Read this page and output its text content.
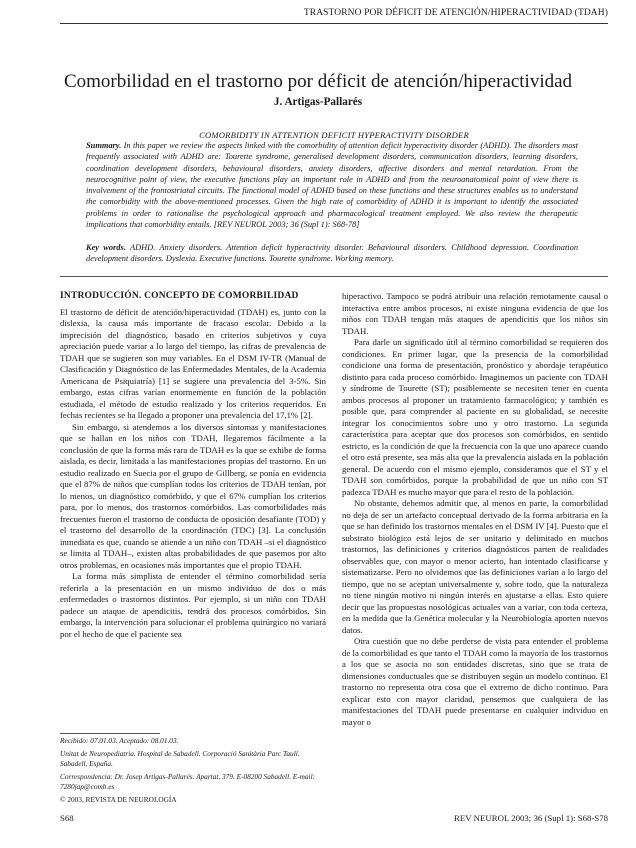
TRASTORNO POR DÉFICIT DE ATENCIÓN/HIPERACTIVIDAD (TDAH)
Comorbilidad en el trastorno por déficit de atención/hiperactividad
J. Artigas-Pallarés
COMORBIDITY IN ATTENTION DEFICIT HYPERACTIVITY DISORDER

Summary. In this paper we review the aspects linked with the comorbidity of attention deficit hyperactivity disorder (ADHD). The disorders most frequently associated with ADHD are: Tourette syndrome, generalised development disorders, communication disorders, learning disorders, coordination development disorders, behavioural disorders, anxiety disorders, affective disorders and mental retardation. From the neurocognitive point of view, the executive functions play an important role in ADHD and from the neuroanatomical point of view there is involvement of the frontostriatal circuits. The functional model of ADHD based on these functions and these structures enables us to understand the comorbidity with the above-mentioned processes. Given the high rate of comorbidity of ADHD it is important to identify the associated problems in order to rationalise the psychological approach and pharmacological treatment employed. We also review the therapeutic implications that comorbidity entails. [REV NEUROL 2003; 36 (Supl 1): S68-78]

Key words. ADHD. Anxiety disorders. Attention deficit hyperactivity disorder. Behavioural disorders. Childhood depression. Coordination development disorders. Dyslexia. Executive functions. Tourette syndrome. Working memory.

INTRODUCCIÓN. CONCEPTO DE COMORBILIDAD

El trastorno de déficit de atención/hiperactividad (TDAH) es, junto con la dislexia, la causa más importante de fracaso escolar. Debido a la imprecisión del diagnóstico, basado en criterios subjetivos y cuya apreciación puede variar a lo largo del tiempo, las cifras de prevalencia de TDAH que se sugieren son muy variables. En el DSM IV-TR (Manual de Clasificación y Diagnóstico de las Enfermedades Mentales, de la Academia Americana de Psiquiatría) [1] se sugiere una prevalencia del 3-5%. Sin embargo, estas cifras varían enormemente en función de la población estudiada, el método de estudio realizado y los criterios requeridos. En fechas recientes se ha llegado a proponer una prevalencia del 17,1% [2].

Sin embargo, si atendemos a los diversos síntomas y manifestaciones que se hallan en los niños con TDAH, llegaremos fácilmente a la conclusión de que la forma más rara de TDAH es la que se exhibe de forma aislada, es decir, limitada a las manifestaciones propias del trastorno. En un estudio realizado en Suecia por el grupo de Gillberg, se ponía en evidencia que el 87% de niños que cumplían todos los criterios de TDAH tenían, por lo menos, un diagnóstico comórbido, y que el 67% cumplían los criterios para, por lo menos, dos trastornos comórbidos. Las comorbilidades más frecuentes fueron el trastorno de conducta de oposición desafiante (TOD) y el trastorno del desarrollo de la coordinación (TDC) [3]. La conclusión inmediata es que, cuando se atiende a un niño con TDAH –si el diagnóstico se limita al TDAH–, existen altas probabilidades de que pasemos por alto otros problemas, en ocasiones más importantes que el propio TDAH.

La forma más simplista de entender el término comorbilidad sería referirla a la presentación en un mismo individuo de dos o más enfermedades o trastornos distintos. Por ejemplo, si un niño con TDAH padece un ataque de apendicitis, tendrá dos procesos comórbidos. Sin embargo, la intervención para solucionar el problema quirúrgico no variará por el hecho de que el paciente sea

hiperactivo. Tampoco se podrá atribuir una relación remotamente causal o interactiva entre ambos procesos, ni existe ninguna evidencia de que los niños con TDAH tengan más ataques de apendicitis que los niños sin TDAH.

Para darle un significado útil al término comorbilidad se requieren dos condiciones. En primer lugar, que la presencia de la comorbilidad condicione una forma de presentación, pronóstico y abordaje terapéutico distinto para cada proceso comórbido. Imaginemos un paciente con TDAH y síndrome de Tourette (ST); posiblemente se necesiten tener en cuenta ambos procesos al proponer un tratamiento farmacológico; y también es posible que, para comprender al paciente en su globalidad, se necesite integrar los conocimientos sobre uno y otro trastorno. La segunda característica para aceptar que dos procesos son comórbidos, en sentido estricto, es la condición de que la frecuencia con la que uno aparece cuando el otro está presente, sea más alta que la prevalencia aislada en la población general. De acuerdo con el mismo ejemplo, consideramos que el ST y el TDAH son comórbidos, porque la probabilidad de que un niño con ST padezca TDAH es mucho mayor que para el resto de la población.

No obstante, debemos admitir que, al menos en parte, la comorbilidad no deja de ser un artefacto conceptual derivado de la forma arbitraria en la que se han definido los trastornos mentales en el DSM IV [4]. Puesto que el substrato biológico está lejos de ser unitario y delimitado en muchos trastornos, las definiciones y criterios diagnósticos parten de realidades observables que, con mayor o menor acierto, han intentado clasificarse y sistematizarse. Pero no olvidemos que las definiciones varían a lo largo del tiempo, que no se aceptan universalmente y, sobre todo, que la naturaleza no tiene ningún motivo ni ningún interés en ajustarse a ellas. Esto quiere decir que las propuestas nosológicas actuales van a variar, con toda certeza, en la medida que la Genética molecular y la Neurobiología aporten nuevos datos.

Otra cuestión que no debe perderse de vista para entender el problema de la comorbilidad es que tanto el TDAH como la mayoría de los trastornos a los que se asocia no son entidades discretas, sino que se trata de dimensiones conductuales que se distribuyen según un modelo continuo. El trastorno no representa otra cosa que el extremo de dicho continuo. Para explicar esto con mayor claridad, pensemos que cualquiera de las manifestaciones del TDAH puede presentarse en cualquier individuo en mayor o

Recibido: 07.01.03. Aceptado: 08.01.03.
Unitat de Neuropediatria. Hospital de Sabadell. Corporació Sanitària Parc Taulí. Sabadell, España.
Correspondencia: Dr. Josep Artigas-Pallarés. Apartat, 379. E-08200 Sabadell. E-mail: 7280jap@comb.es
© 2003, REVISTA DE NEUROLOGÍA
S68	REV NEUROL 2003; 36 (Supl 1): S68-S78
